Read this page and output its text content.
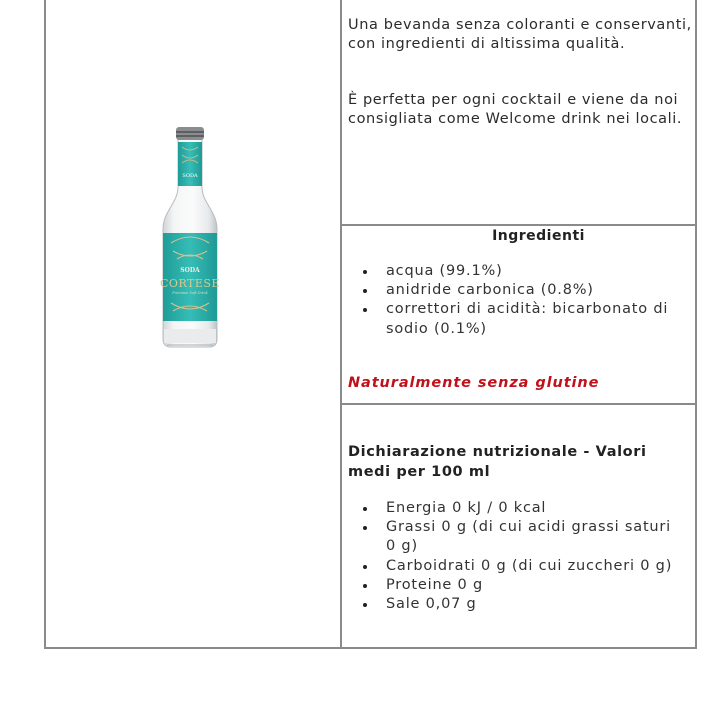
Una bevanda senza coloranti e conservanti, con ingredienti di altissima qualità.

È perfetta per ogni cocktail e viene da noi consigliata come Welcome drink nei locali.

Ingredienti
acqua (99.1%)
anidride carbonica (0.8%)
correttori di acidità: bicarbonato di sodio (0.1%)
Naturalmente senza glutine
Dichiarazione nutrizionale - Valori medi per 100 ml
Energia 0 kJ / 0 kcal
Grassi 0 g (di cui acidi grassi saturi 0 g)
Carboidrati 0 g (di cui zuccheri 0 g)
Proteine 0 g
Sale 0,07 g
SODA
· · · ·
SODA
CORTESE
Premium Soft Drink
